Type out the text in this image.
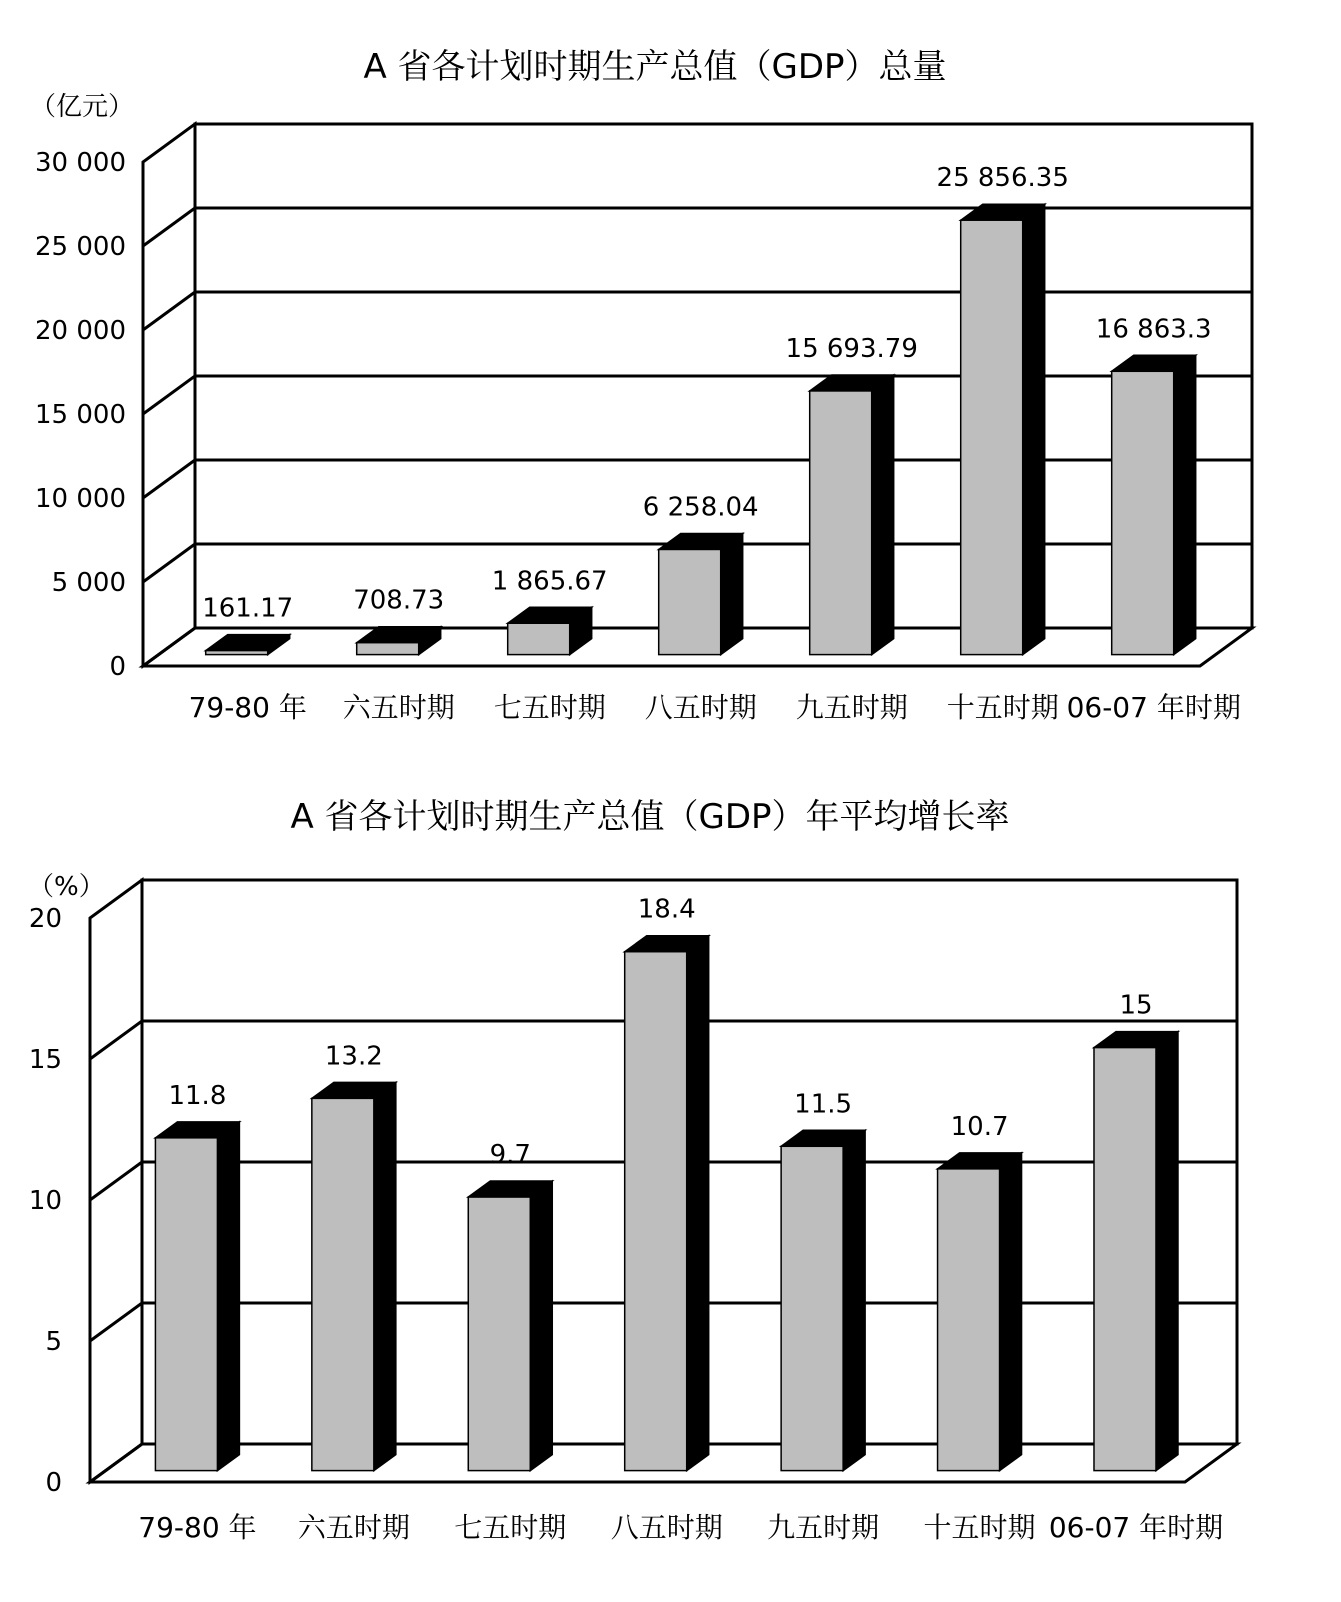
A 省各计划时期生产总值（GDP）总量
（亿元）
0
5 000
10 000
15 000
20 000
25 000
30 000
161.17
79-80 年
708.73
六五时期
1 865.67
七五时期
6 258.04
八五时期
15 693.79
九五时期
25 856.35
十五时期
16 863.3
06-07 年时期
A 省各计划时期生产总值（GDP）年平均增长率
（%）
0
5
10
15
20
11.8
79-80 年
13.2
六五时期
9.7
七五时期
18.4
八五时期
11.5
九五时期
10.7
十五时期
15
06-07 年时期
